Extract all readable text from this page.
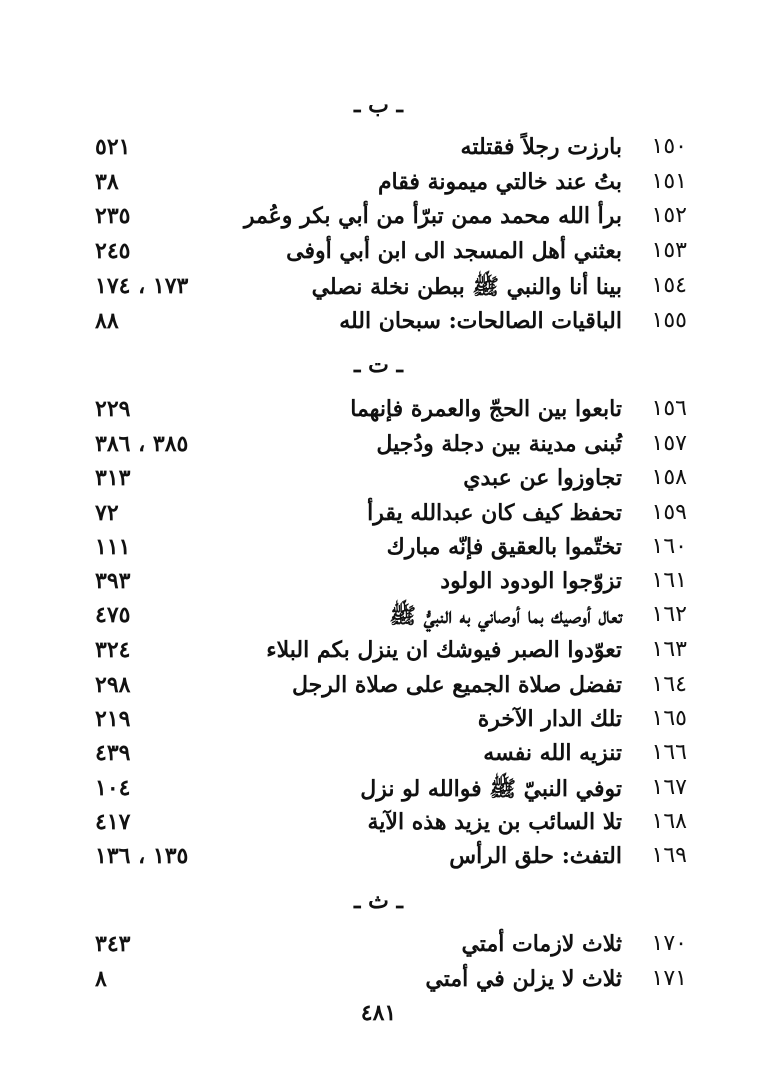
ـ ب ـ
١٥٠
بارزت رجلاً فقتلته
٥٢١
١٥١
بتُ عند خالتي ميمونة فقام
٣٨
١٥٢
برأ الله محمد ممن تبرّأ من أبي بكر وعُمر
٢٣٥
١٥٣
بعثني أهل المسجد الى ابن أبي أوفى
٢٤٥
١٥٤
بينا أنا والنبي ﷺ ببطن نخلة نصلي
١٧٣ ، ١٧٤
١٥٥
الباقيات الصالحات: سبحان الله
٨٨
ـ ت ـ
١٥٦
تابعوا بين الحجّ والعمرة فإنهما
٢٢٩
١٥٧
تُبنى مدينة بين دجلة ودُجيل
٣٨٥ ، ٣٨٦
١٥٨
تجاوزوا عن عبدي
٣١٣
١٥٩
تحفظ كيف كان عبدالله يقرأ
٧٢
١٦٠
تختّموا بالعقيق فإنّه مبارك
١١١
١٦١
تزوّجوا الودود الولود
٣٩٣
١٦٢
تعال أوصيك بما أوصاني به النبيُّ ﷺ
٤٧٥
١٦٣
تعوّدوا الصبر فيوشك ان ينزل بكم البلاء
٣٢٤
١٦٤
تفضل صلاة الجميع على صلاة الرجل
٢٩٨
١٦٥
تلك الدار الآخرة
٢١٩
١٦٦
تنزيه الله نفسه
٤٣٩
١٦٧
توفي النبيّ ﷺ فوالله لو نزل
١٠٤
١٦٨
تلا السائب بن يزيد هذه الآية
٤١٧
١٦٩
التفث: حلق الرأس
١٣٥ ، ١٣٦
ـ ث ـ
١٧٠
ثلاث لازمات أمتي
٣٤٣
١٧١
ثلاث لا يزلن في أمتي
٨
٤٨١
